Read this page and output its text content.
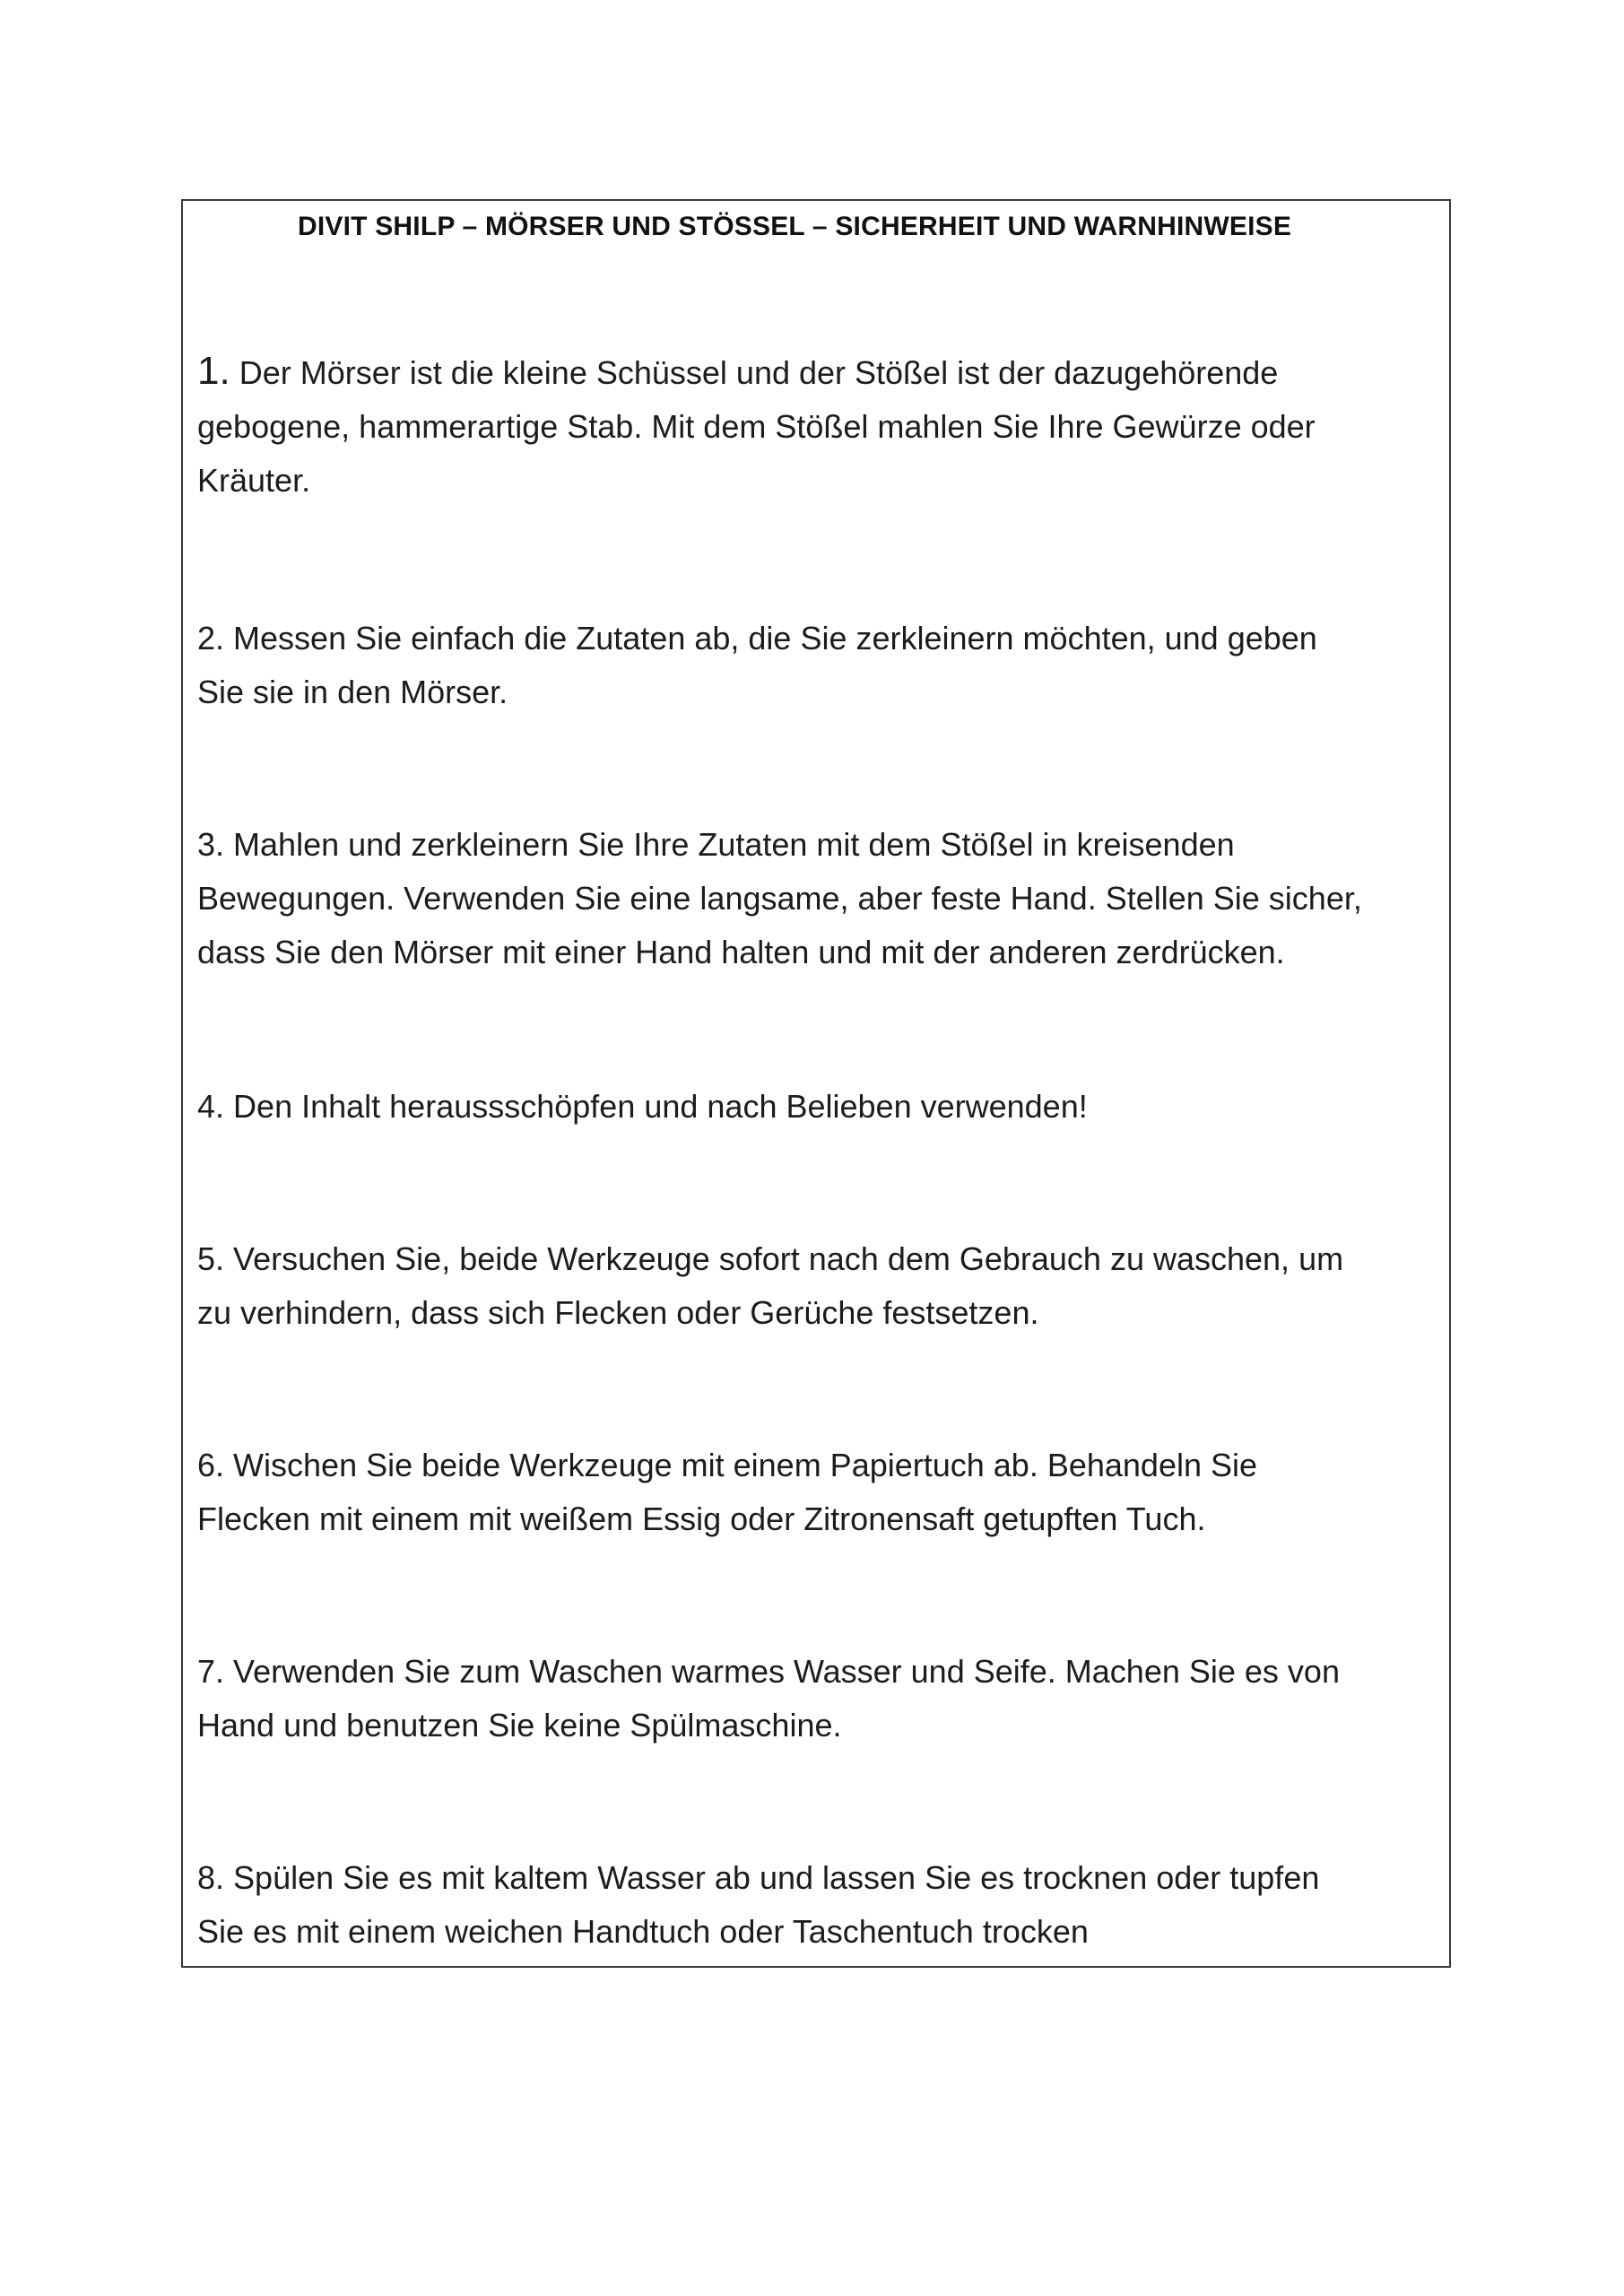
DIVIT SHILP – MÖRSER UND STÖSSEL – SICHERHEIT UND WARNHINWEISE

1. Der Mörser ist die kleine Schüssel und der Stößel ist der dazugehörende
gebogene, hammerartige Stab. Mit dem Stößel mahlen Sie Ihre Gewürze oder
Kräuter.

2. Messen Sie einfach die Zutaten ab, die Sie zerkleinern möchten, und geben
Sie sie in den Mörser.

3. Mahlen und zerkleinern Sie Ihre Zutaten mit dem Stößel in kreisenden
Bewegungen. Verwenden Sie eine langsame, aber feste Hand. Stellen Sie sicher,
dass Sie den Mörser mit einer Hand halten und mit der anderen zerdrücken.

4. Den Inhalt heraussschöpfen und nach Belieben verwenden!

5. Versuchen Sie, beide Werkzeuge sofort nach dem Gebrauch zu waschen, um
zu verhindern, dass sich Flecken oder Gerüche festsetzen.

6. Wischen Sie beide Werkzeuge mit einem Papiertuch ab. Behandeln Sie
Flecken mit einem mit weißem Essig oder Zitronensaft getupften Tuch.

7. Verwenden Sie zum Waschen warmes Wasser und Seife. Machen Sie es von
Hand und benutzen Sie keine Spülmaschine.

8. Spülen Sie es mit kaltem Wasser ab und lassen Sie es trocknen oder tupfen
Sie es mit einem weichen Handtuch oder Taschentuch trocken
